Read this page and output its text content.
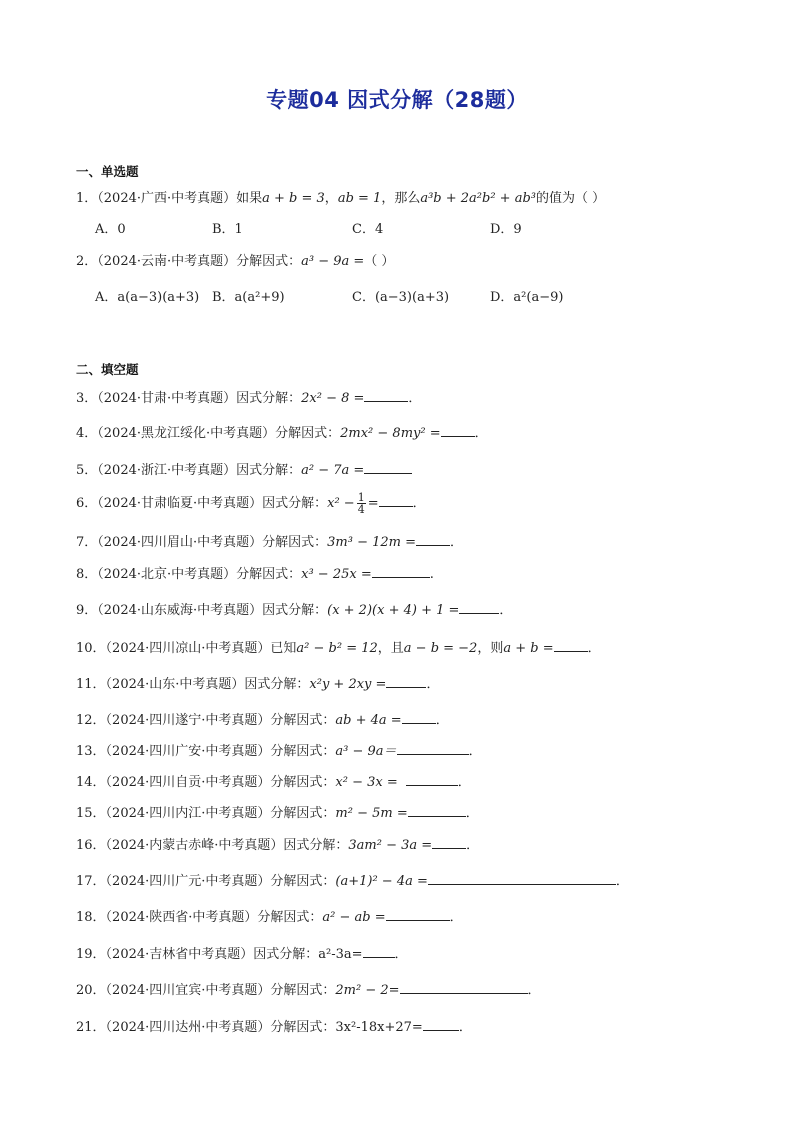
专题04 因式分解（28题）
一、单选题
1．（2024·广西·中考真题）如果a + b = 3，ab = 1，那么a³b + 2a²b² + ab³的值为（ ）
A．0	B．1	C．4	D．9
2．（2024·云南·中考真题）分解因式：a³ − 9a =（ ）
A．a(a−3)(a+3) B．a(a²+9)	C．(a−3)(a+3)	D．a²(a−9)
二、填空题
3．（2024·甘肃·中考真题）因式分解：2x² − 8 =	．
4．（2024·黑龙江绥化·中考真题）分解因式：2mx² − 8my² =	．
5．（2024·浙江·中考真题）因式分解：a² − 7a =
6．（2024·甘肃临夏·中考真题）因式分解：$x^2 - \frac{1}{4}$ =	．
7．（2024·四川眉山·中考真题）分解因式：3m³ − 12m =	．
8．（2024·北京·中考真题）分解因式：x³ − 25x =	.
9．（2024·山东威海·中考真题）因式分解：(x + 2)(x + 4) + 1 =	．
10．（2024·四川凉山·中考真题）已知a² − b² = 12，且a − b = −2，则a + b =	．
11．（2024·山东·中考真题）因式分解：x²y + 2xy =	．
12．（2024·四川遂宁·中考真题）分解因式：ab + 4a =	．
13．（2024·四川广安·中考真题）分解因式：a³ − 9a＝	．
14．（2024·四川自贡·中考真题）分解因式：x² − 3x =	．
15．（2024·四川内江·中考真题）分解因式：m² − 5m =	．
16．（2024·内蒙古赤峰·中考真题）因式分解：3am² − 3a =	．
17．（2024·四川广元·中考真题）分解因式：(a+1)² − 4a =	．
18．（2024·陕西省·中考真题）分解因式：a² − ab =	．
19．（2024·吉林省中考真题）因式分解：a²-3a= ．
20．（2024·四川宜宾·中考真题）分解因式：2m² − 2=	．
21．（2024·四川达州·中考真题）分解因式：3x²-18x+27=	．
